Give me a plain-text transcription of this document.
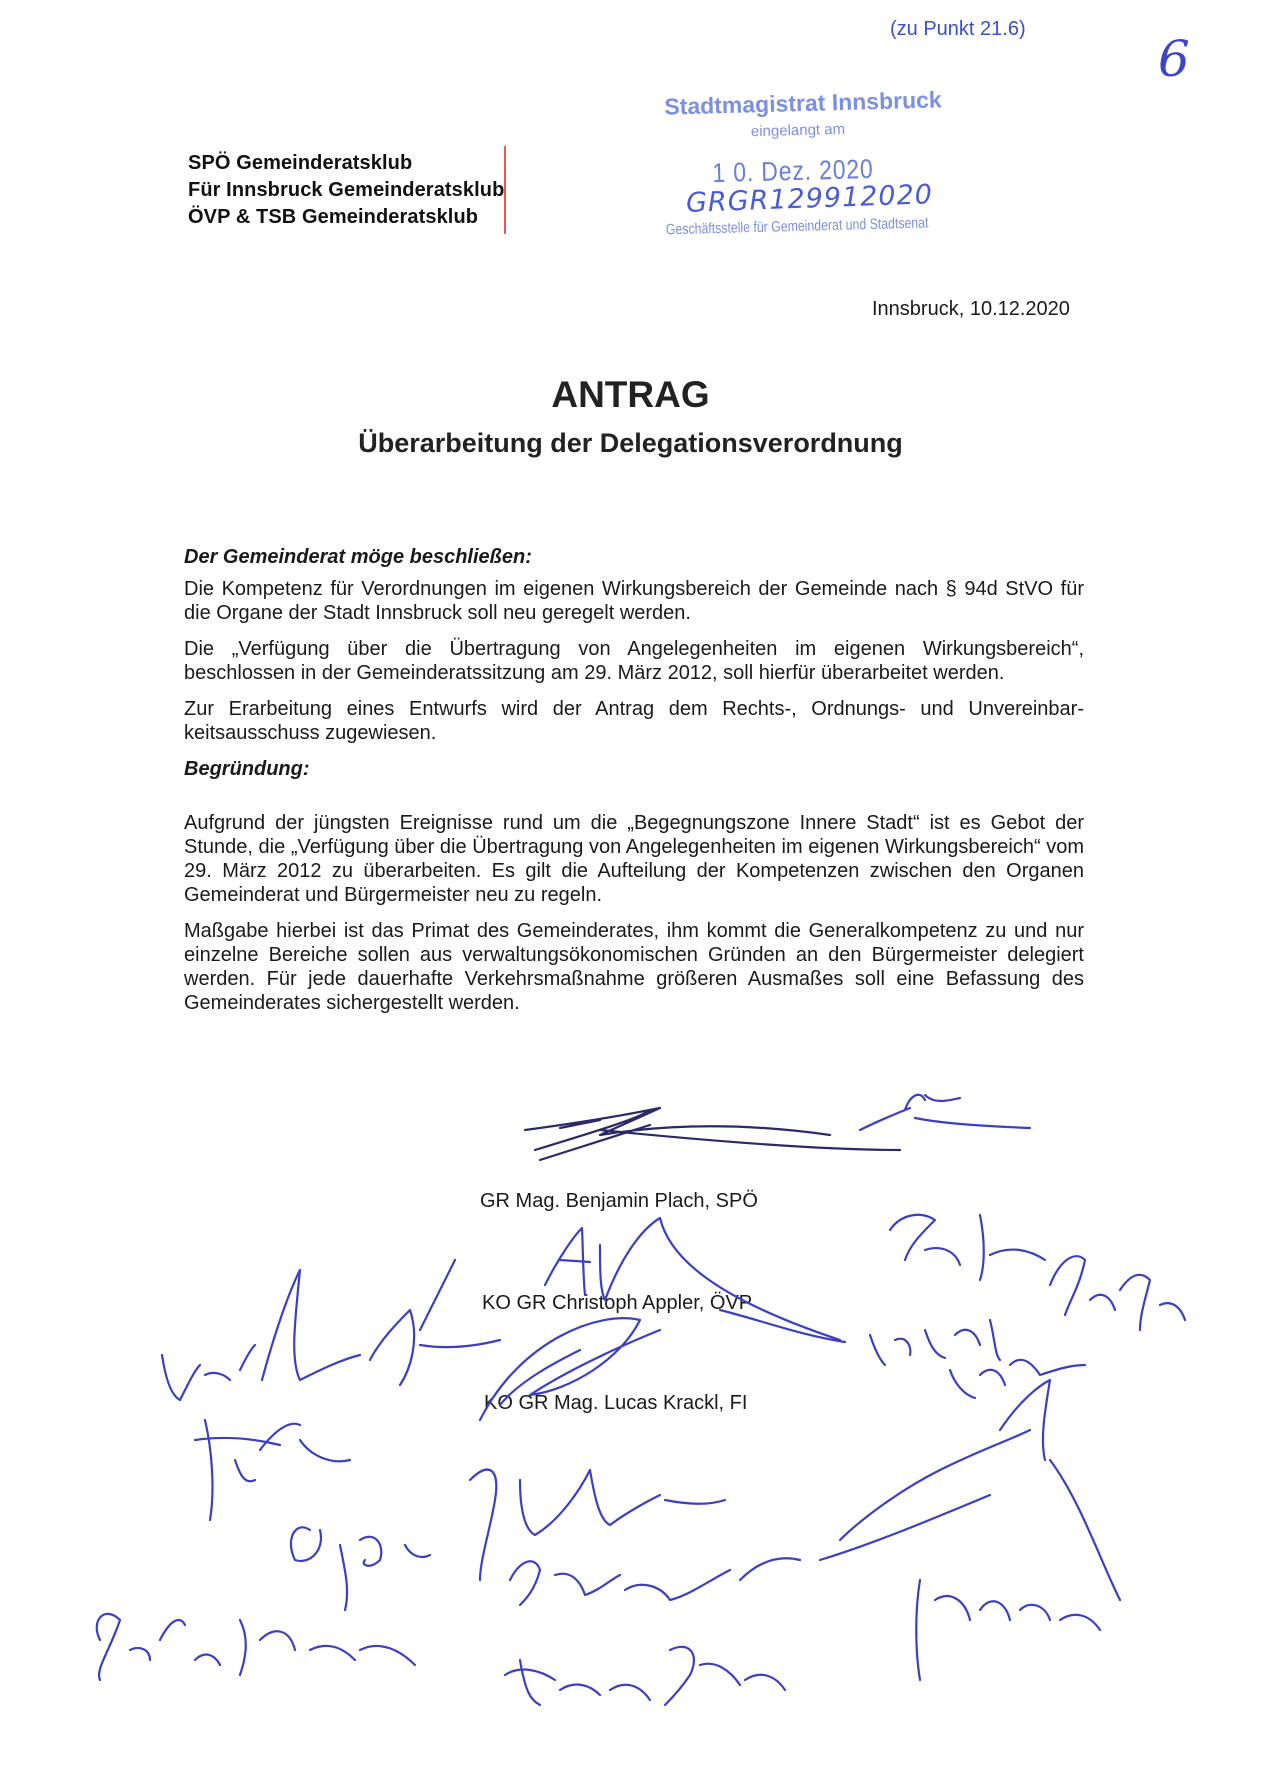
(zu Punkt 21.6)
6
SPÖ Gemeinderatsklub
Für Innsbruck Gemeinderatsklub
ÖVP & TSB Gemeinderatsklub
Stadtmagistrat Innsbruck
eingelangt am
1 0. Dez. 2020
GRGR129912020
Geschäftsstelle für Gemeinderat und Stadtsenat
Innsbruck, 10.12.2020
ANTRAG
Überarbeitung der Delegationsverordnung
Der Gemeinderat möge beschließen:

Die Kompetenz für Verordnungen im eigenen Wirkungsbereich der Gemeinde nach § 94d StVO für die Organe der Stadt Innsbruck soll neu geregelt werden.

Die „Verfügung über die Übertragung von Angelegenheiten im eigenen Wirkungsbereich“, beschlossen in der Gemeinderatssitzung am 29. März 2012, soll hierfür überarbeitet werden.

Zur Erarbeitung eines Entwurfs wird der Antrag dem Rechts-, Ordnungs- und Unvereinbarkeitsausschuss zugewiesen.

Begründung:

Aufgrund der jüngsten Ereignisse rund um die „Begegnungszone Innere Stadt“ ist es Gebot der Stunde, die „Verfügung über die Übertragung von Angelegenheiten im eigenen Wirkungsbereich“ vom 29. März 2012 zu überarbeiten. Es gilt die Aufteilung der Kompetenzen zwischen den Organen Gemeinderat und Bürgermeister neu zu regeln.

Maßgabe hierbei ist das Primat des Gemeinderates, ihm kommt die Generalkompetenz zu und nur einzelne Bereiche sollen aus verwaltungsökonomischen Gründen an den Bürgermeister delegiert werden. Für jede dauerhafte Verkehrsmaßnahme größeren Ausmaßes soll eine Befassung des Gemeinderates sichergestellt werden.

GR Mag. Benjamin Plach, SPÖ
KO GR Christoph Appler, ÖVP
KO GR Mag. Lucas Krackl, FI
